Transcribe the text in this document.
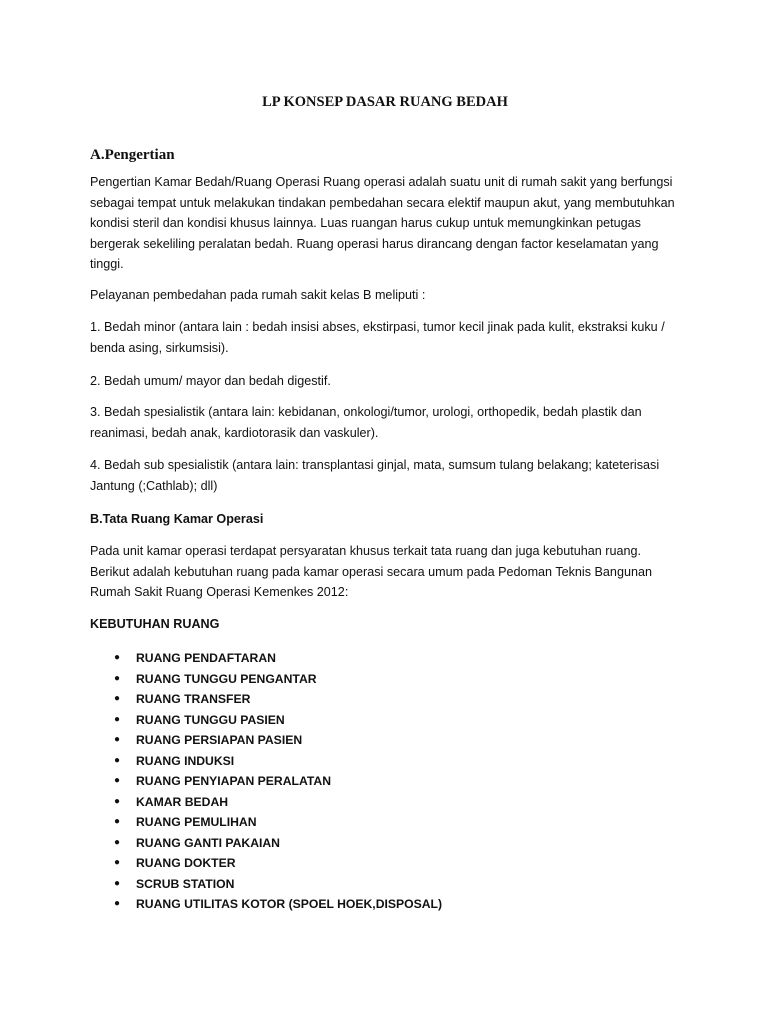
LP KONSEP DASAR RUANG BEDAH
A.Pengertian

Pengertian Kamar Bedah/Ruang Operasi Ruang operasi adalah suatu unit di rumah sakit yang berfungsi sebagai tempat untuk melakukan tindakan pembedahan secara elektif maupun akut, yang membutuhkan kondisi steril dan kondisi khusus lainnya. Luas ruangan harus cukup untuk memungkinkan petugas bergerak sekeliling peralatan bedah. Ruang operasi harus dirancang dengan factor keselamatan yang tinggi.

Pelayanan pembedahan pada rumah sakit kelas B meliputi :

1. Bedah minor (antara lain : bedah insisi abses, ekstirpasi, tumor kecil jinak pada kulit, ekstraksi kuku / benda asing, sirkumsisi).

2. Bedah umum/ mayor dan bedah digestif.

3. Bedah spesialistik (antara lain: kebidanan, onkologi/tumor, urologi, orthopedik, bedah plastik dan reanimasi, bedah anak, kardiotorasik dan vaskuler).

4. Bedah sub spesialistik (antara lain: transplantasi ginjal, mata, sumsum tulang belakang; kateterisasi Jantung (;Cathlab); dll)

B.Tata Ruang Kamar Operasi

Pada unit kamar operasi terdapat persyaratan khusus terkait tata ruang dan juga kebutuhan ruang. Berikut adalah kebutuhan ruang pada kamar operasi secara umum pada Pedoman Teknis Bangunan Rumah Sakit Ruang Operasi Kemenkes 2012:

KEBUTUHAN RUANG
● RUANG PENDAFTARAN
● RUANG TUNGGU PENGANTAR
● RUANG TRANSFER
● RUANG TUNGGU PASIEN
● RUANG PERSIAPAN PASIEN
● RUANG INDUKSI
● RUANG PENYIAPAN PERALATAN
● KAMAR BEDAH
● RUANG PEMULIHAN
● RUANG GANTI PAKAIAN
● RUANG DOKTER
● SCRUB STATION
● RUANG UTILITAS KOTOR (SPOEL HOEK,DISPOSAL)
